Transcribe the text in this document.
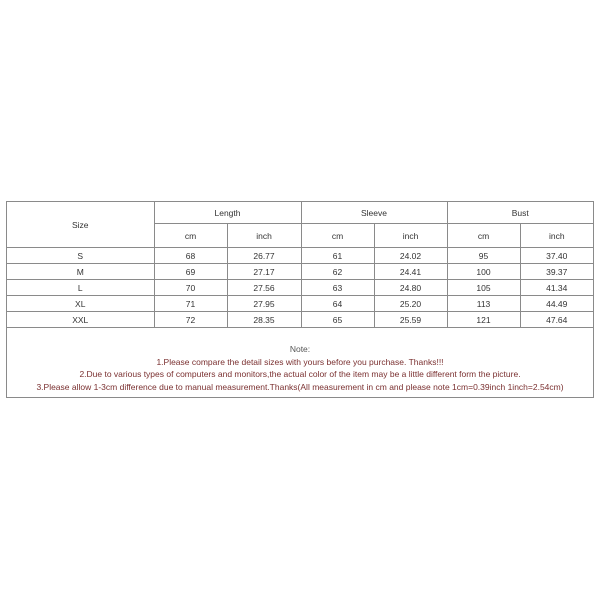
Size	Length		Sleeve		Bust	
	cm	inch	cm	inch	cm	inch
S	68	26.77	61	24.02	95	37.40
M	69	27.17	62	24.41	100	39.37
L	70	27.56	63	24.80	105	41.34
XL	71	27.95	64	25.20	113	44.49
XXL	72	28.35	65	25.59	121	47.64
Note:
1.Please compare the detail sizes with yours before you purchase. Thanks!!!
2.Due to various types of computers and monitors,the actual color of the item may be a little different form the picture.
3.Please allow 1-3cm difference due to manual measurement.Thanks(All measurement in cm and please note 1cm=0.39inch 1inch=2.54cm)
